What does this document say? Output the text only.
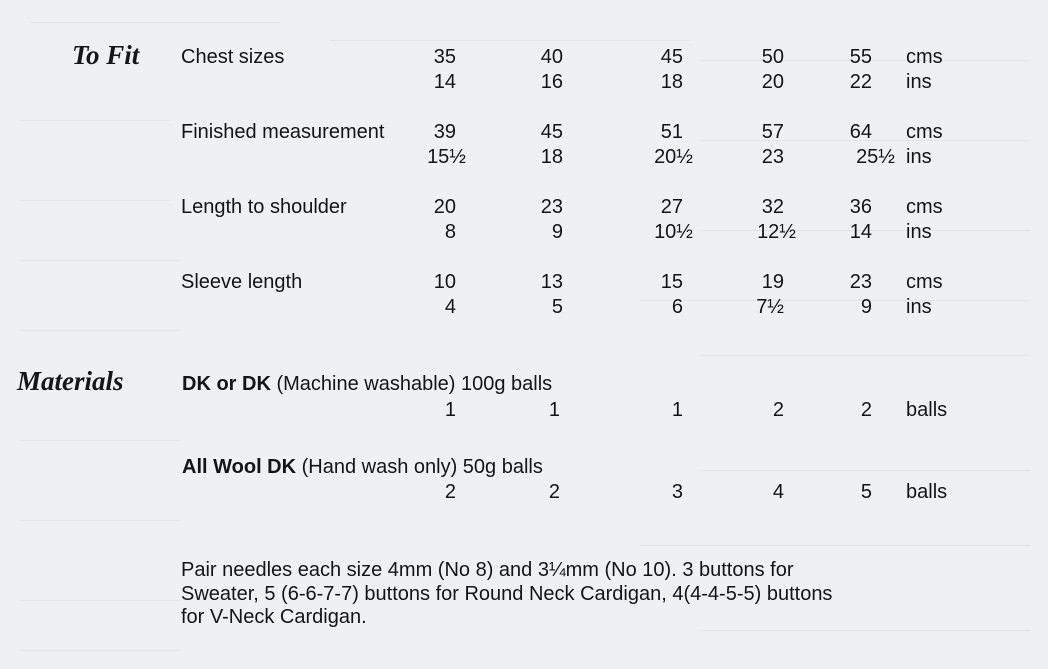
To Fit Chest sizes	35	40	45	50	55 cms
14	16	18	20	22 ins
Finished measurement	39	45	51	57	64 cms
15½	18	20½	23	25½ ins
Length to shoulder	20	23	27	32	36 cms
8	9	10½	12½	14 ins
Sleeve length	10	13	15	19	23 cms
4	5	6	7½	9 ins
Materials	DK or DK (Machine washable) 100g balls
1	1	1	2	2 balls
All Wool DK (Hand wash only) 50g balls
2	2	3	4	5 balls
Pair needles each size 4mm (No 8) and 3¼mm (No 10). 3 buttons for
Sweater, 5 (6-6-7-7) buttons for Round Neck Cardigan, 4(4-4-5-5) buttons
for V-Neck Cardigan.
